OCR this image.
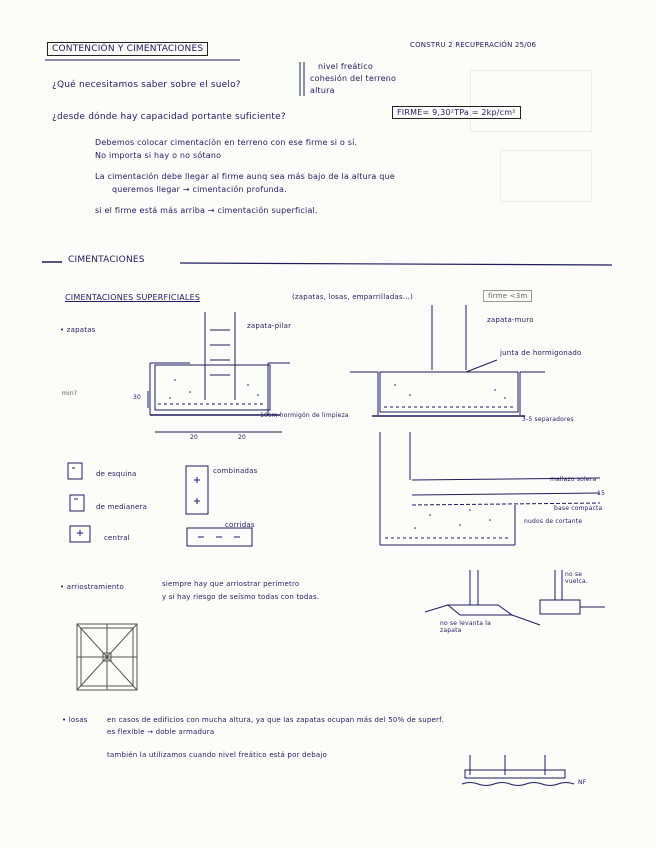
CONTENCIÓN Y CIMENTACIONES	CONSTRU 2 RECUPERACIÓN 25/06
¿Qué necesitamos saber sobre el suelo?
nivel freático
cohesión del terreno
altura
¿desde dónde hay capacidad portante suficiente?	FIRME= 9,30²TPa = 2kp/cm²
Debemos colocar cimentación en terreno con ese firme si o sí.
No importa si hay o no sótano
La cimentación debe llegar al firme aunq sea más bajo de la altura que
queremos llegar → cimentación profunda.
si el firme está más arriba → cimentación superficial.
CIMENTACIONES
CIMENTACIONES SUPERFICIALES	(zapatas, losas, emparrilladas...)	firme <3m
• zapatas	zapata-pilar
zapata-muro
min?
30
20	20
10cm hormigón de limpieza
junta de hormigonado
3-5 separadores
mallazo solera
15
base compacta
nudos de cortante
de esquina
de medianera
central
combinadas
corridas
• arriostramiento	siempre hay que arriostrar perímetro
y si hay riesgo de seísmo todas con todas.
no se levanta la zapata
no se vuelca.
• losas	en casos de edificios con mucha altura, ya que las zapatas ocupan más del 50% de superf.
es flexible → doble armadura
también la utilizamos cuando nivel freático está por debajo
NF
